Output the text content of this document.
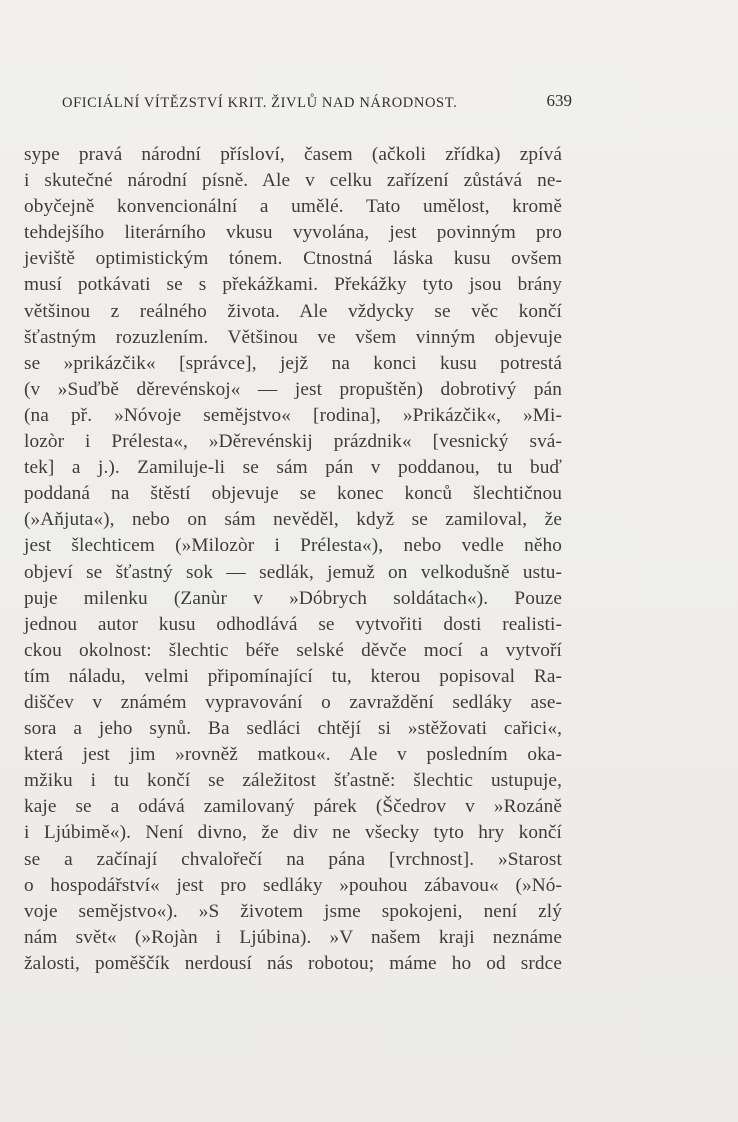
OFICIÁLNÍ VÍTĚZSTVÍ KRIT. ŽIVLŮ NAD NÁRODNOST.	639
sype pravá národní přísloví, časem (ačkoli zřídka) zpívá
i skutečné národní písně. Ale v celku zařízení zůstává ne-
obyčejně konvencionální a umělé. Tato umělost, kromě
tehdejšího literárního vkusu vyvolána, jest povinným pro
jeviště optimistickým tónem. Ctnostná láska kusu ovšem
musí potkávati se s překážkami. Překážky tyto jsou brány
většinou z reálného života. Ale vždycky se věc končí
šťastným rozuzlením. Většinou ve všem vinným objevuje
se »prikázčik« [správce], jejž na konci kusu potrestá
(v »Suďbě děrevénskoj« — jest propuštěn) dobrotivý pán
(na př. »Nóvoje semějstvo« [rodina], »Prikázčik«, »Mi-
lozòr i Prélesta«, »Děrevénskij prázdnik« [vesnický svá-
tek] a j.). Zamiluje-li se sám pán v poddanou, tu buď
poddaná na štěstí objevuje se konec konců šlechtičnou
(»Aňjuta«), nebo on sám nevěděl, když se zamiloval, že
jest šlechticem (»Milozòr i Prélesta«), nebo vedle něho
objeví se šťastný sok — sedlák, jemuž on velkodušně ustu-
puje milenku (Zanùr v »Dóbrych soldátach«). Pouze
jednou autor kusu odhodlává se vytvořiti dosti realisti-
ckou okolnost: šlechtic béře selské děvče mocí a vytvoří
tím náladu, velmi připomínající tu, kterou popisoval Ra-
diščev v známém vypravování o zavraždění sedláky ase-
sora a jeho synů. Ba sedláci chtějí si »stěžovati cařici«,
která jest jim »rovněž matkou«. Ale v posledním oka-
mžiku i tu končí se záležitost šťastně: šlechtic ustupuje,
kaje se a odává zamilovaný párek (Ščedrov v »Rozáně
i Ljúbimě«). Není divno, že div ne všecky tyto hry končí
se a začínají chvalořečí na pána [vrchnost]. »Starost
o hospodářství« jest pro sedláky »pouhou zábavou« (»Nó-
voje semějstvo«). »S životem jsme spokojeni, není zlý
nám svět« (»Rojàn i Ljúbina). »V našem kraji neznáme
žalosti, poměščík nerdousí nás robotou; máme ho od srdce
